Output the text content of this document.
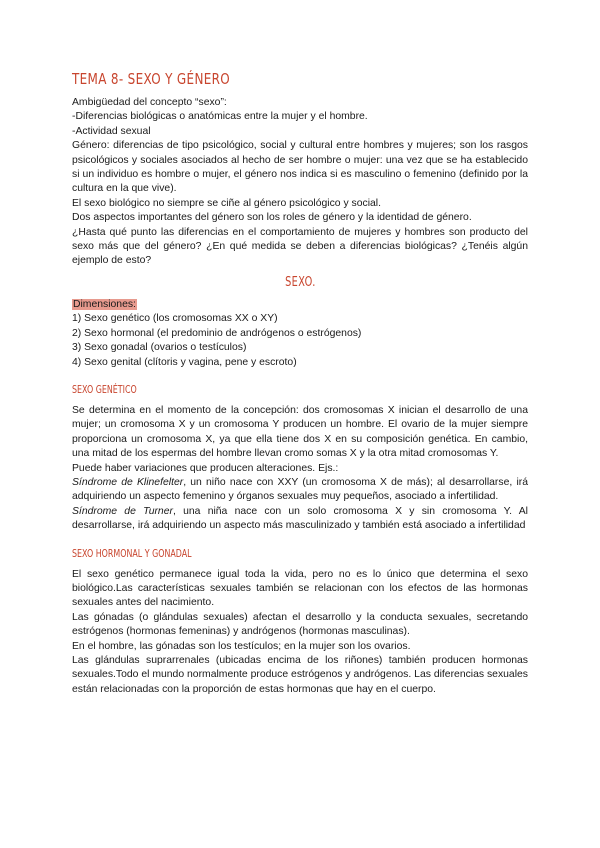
TEMA 8- SEXO Y GÉNERO

Ambigüedad del concepto “sexo”:

-Diferencias biológicas o anatómicas entre la mujer y el hombre.

-Actividad sexual

Género: diferencias de tipo psicológico, social y cultural entre hombres y mujeres; son los rasgos psicológicos y sociales asociados al hecho de ser hombre o mujer: una vez que se ha establecido si un individuo es hombre o mujer, el género nos indica si es masculino o femenino (definido por la cultura en la que vive).

El sexo biológico no siempre se ciñe al género psicológico y social.

Dos aspectos importantes del género son los roles de género y la identidad de género.

¿Hasta qué punto las diferencias en el comportamiento de mujeres y hombres son producto del sexo más que del género? ¿En qué medida se deben a diferencias biológicas? ¿Tenéis algún ejemplo de esto?

SEXO.

Dimensiones:

1) Sexo genético (los cromosomas XX o XY)

2) Sexo hormonal (el predominio de andrógenos o estrógenos)

3) Sexo gonadal (ovarios o testículos)

4) Sexo genital (clítoris y vagina, pene y escroto)

SEXO GENÉTICO

Se determina en el momento de la concepción: dos cromosomas X inician el desarrollo de una mujer; un cromosoma X y un cromosoma Y producen un hombre. El ovario de la mujer siempre proporciona un cromosoma X, ya que ella tiene dos X en su composición genética. En cambio, una mitad de los espermas del hombre llevan cromo somas X y la otra mitad cromosomas Y.

Puede haber variaciones que producen alteraciones. Ejs.:

Síndrome de Klinefelter, un niño nace con XXY (un cromosoma X de más); al desarrollarse, irá adquiriendo un aspecto femenino y órganos sexuales muy pequeños, asociado a infertilidad.

Síndrome de Turner, una niña nace con un solo cromosoma X y sin cromosoma Y. Al desarrollarse, irá adquiriendo un aspecto más masculinizado y también está asociado a infertilidad

SEXO HORMONAL Y GONADAL

El sexo genético permanece igual toda la vida, pero no es lo único que determina el sexo biológico.Las características sexuales también se relacionan con los efectos de las hormonas sexuales antes del nacimiento.

Las gónadas (o glándulas sexuales) afectan el desarrollo y la conducta sexuales, secretando estrógenos (hormonas femeninas) y andrógenos (hormonas masculinas).

En el hombre, las gónadas son los testículos; en la mujer son los ovarios.

Las glándulas suprarrenales (ubicadas encima de los riñones) también producen hormonas sexuales.Todo el mundo normalmente produce estrógenos y andrógenos. Las diferencias sexuales están relacionadas con la proporción de estas hormonas que hay en el cuerpo.
